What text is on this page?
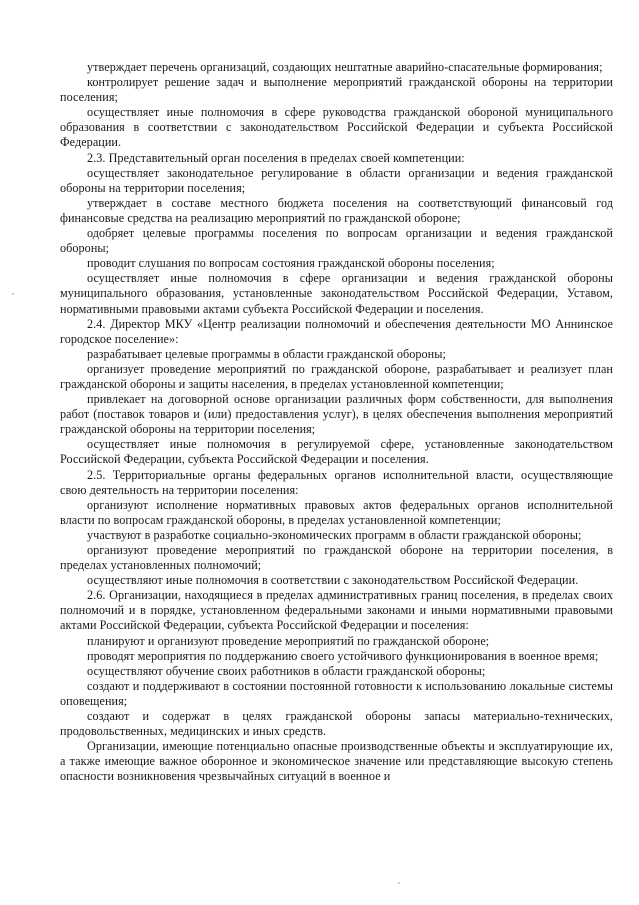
утверждает перечень организаций, создающих нештатные аварийно-спасательные формирования;

контролирует решение задач и выполнение мероприятий гражданской обороны на территории поселения;

осуществляет иные полномочия в сфере руководства гражданской обороной муниципального образования в соответствии с законодательством Российской Федерации и субъекта Российской Федерации.

2.3. Представительный орган поселения в пределах своей компетенции:

осуществляет законодательное регулирование в области организации и ведения гражданской обороны на территории поселения;

утверждает в составе местного бюджета поселения на соответствующий финансовый год финансовые средства на реализацию мероприятий по гражданской обороне;

одобряет целевые программы поселения по вопросам организации и ведения гражданской обороны;

проводит слушания по вопросам состояния гражданской обороны поселения;

осуществляет иные полномочия в сфере организации и ведения гражданской обороны муниципального образования, установленные законодательством Российской Федерации, Уставом, нормативными правовыми актами субъекта Российской Федерации и поселения.

2.4. Директор МКУ «Центр реализации полномочий и обеспечения деятельности МО Аннинское городское поселение»:

разрабатывает целевые программы в области гражданской обороны;

организует проведение мероприятий по гражданской обороне, разрабатывает и реализует план гражданской обороны и защиты населения, в пределах установленной компетенции;

привлекает на договорной основе организации различных форм собственности, для выполнения работ (поставок товаров и (или) предоставления услуг), в целях обеспечения выполнения мероприятий гражданской обороны на территории поселения;

осуществляет иные полномочия в регулируемой сфере, установленные законодательством Российской Федерации, субъекта Российской Федерации и поселения.

2.5. Территориальные органы федеральных органов исполнительной власти, осуществляющие свою деятельность на территории поселения:

организуют исполнение нормативных правовых актов федеральных органов исполнительной власти по вопросам гражданской обороны, в пределах установленной компетенции;

участвуют в разработке социально-экономических программ в области гражданской обороны;

организуют проведение мероприятий по гражданской обороне на территории поселения, в пределах установленных полномочий;

осуществляют иные полномочия в соответствии с законодательством Российской Федерации.

2.6. Организации, находящиеся в пределах административных границ поселения, в пределах своих полномочий и в порядке, установленном федеральными законами и иными нормативными правовыми актами Российской Федерации, субъекта Российской Федерации и поселения:

планируют и организуют проведение мероприятий по гражданской обороне;

проводят мероприятия по поддержанию своего устойчивого функционирования в военное время;

осуществляют обучение своих работников в области гражданской обороны;

создают и поддерживают в состоянии постоянной готовности к использованию локальные системы оповещения;

создают и содержат в целях гражданской обороны запасы материально-технических, продовольственных, медицинских и иных средств.

Организации, имеющие потенциально опасные производственные объекты и эксплуатирующие их, а также имеющие важное оборонное и экономическое значение или представляющие высокую степень опасности возникновения чрезвычайных ситуаций в военное и
